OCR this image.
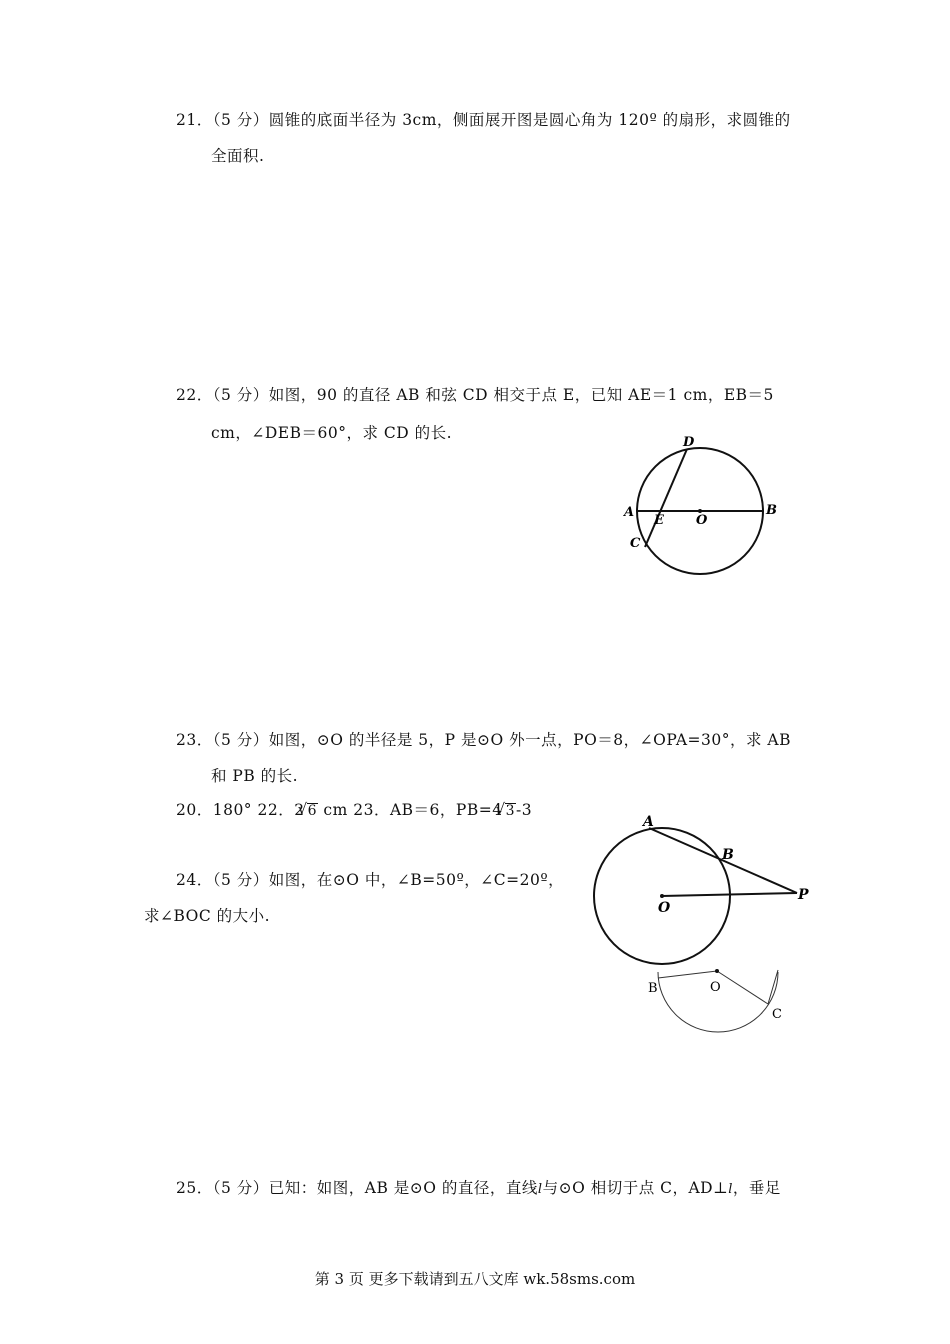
21．（5 分）圆锥的底面半径为 3cm，侧面展开图是圆心角为 120º 的扇形，求圆锥的
全面积.
22．（5 分）如图，90 的直径 AB 和弦 CD 相交于点 E，已知 AE＝1 cm，EB＝5
cm，∠DEB＝60°，求 CD 的长.
D
A
E O
B
C
23．（5 分）如图，⊙O 的半径是 5，P 是⊙O 外一点，PO＝8，∠OPA=30°，求 AB
和 PB 的长.
20．180° 22．2 √ 6 cm 23．AB＝6，PB=4 √ 3-3
A
B
O
P
24．（5 分）如图，在⊙O 中，∠B=50º，∠C=20º，
求∠BOC 的大小.
B	O
C
25．（5 分）已知：如图，AB 是⊙O 的直径，直线l与⊙O 相切于点 C，AD⊥l，垂足
第 3 页 更多下载请到五八文库 wk.58sms.com
